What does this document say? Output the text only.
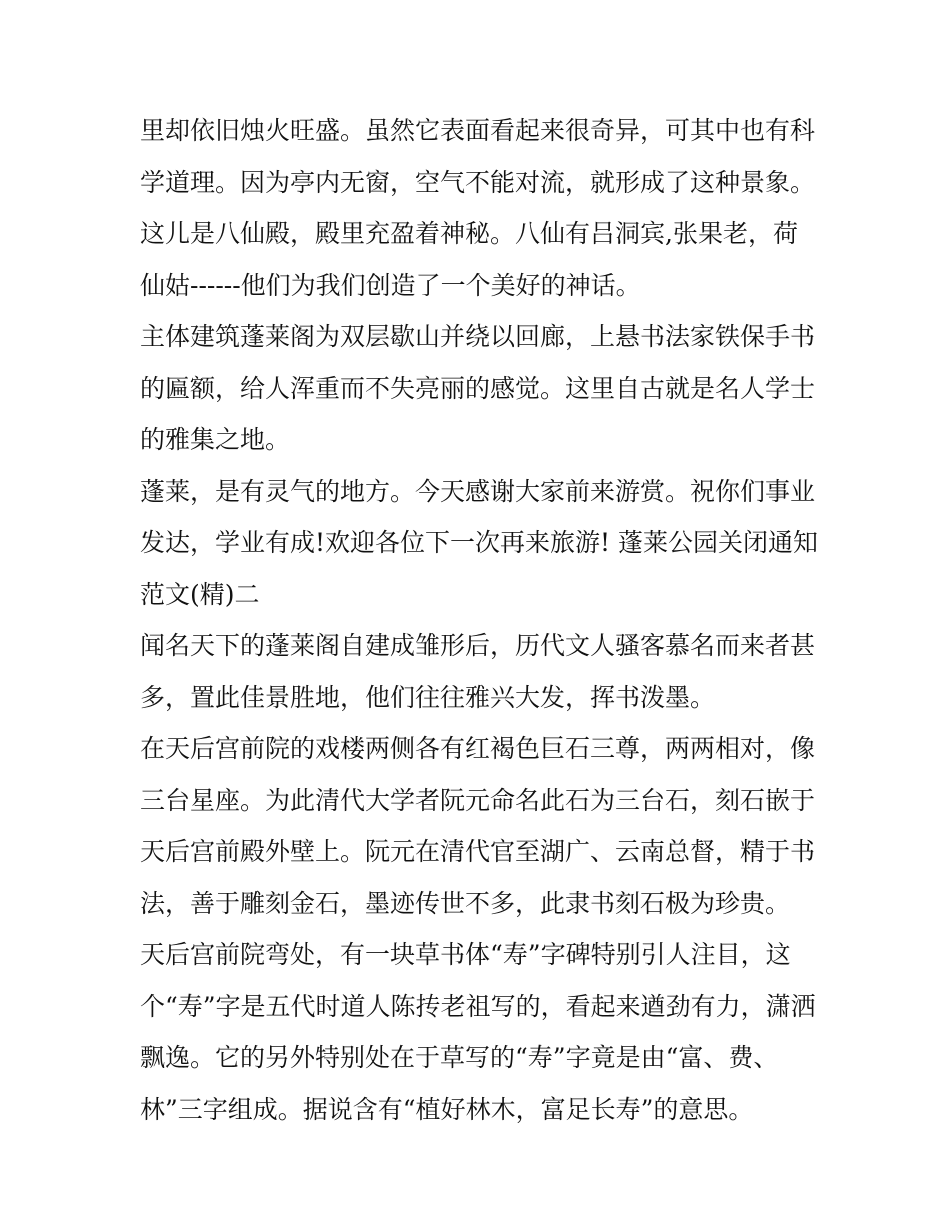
里却依旧烛火旺盛。虽然它表面看起来很奇异，可其中也有科
学道理。因为亭内无窗，空气不能对流，就形成了这种景象。
这儿是八仙殿，殿里充盈着神秘。八仙有吕洞宾,张果老，荷
仙姑------他们为我们创造了一个美好的神话。
主体建筑蓬莱阁为双层歇山并绕以回廊，上悬书法家铁保手书
的匾额，给人浑重而不失亮丽的感觉。这里自古就是名人学士
的雅集之地。
蓬莱，是有灵气的地方。今天感谢大家前来游赏。祝你们事业
发达，学业有成!欢迎各位下一次再来旅游! 蓬莱公园关闭通知
范文(精)二
闻名天下的蓬莱阁自建成雏形后，历代文人骚客慕名而来者甚
多，置此佳景胜地，他们往往雅兴大发，挥书泼墨。
在天后宫前院的戏楼两侧各有红褐色巨石三尊，两两相对，像
三台星座。为此清代大学者阮元命名此石为三台石，刻石嵌于
天后宫前殿外壁上。阮元在清代官至湖广、云南总督，精于书
法，善于雕刻金石，墨迹传世不多，此隶书刻石极为珍贵。
天后宫前院弯处，有一块草书体“寿”字碑特别引人注目，这
个“寿”字是五代时道人陈抟老祖写的，看起来遒劲有力，潇洒
飘逸。它的另外特别处在于草写的“寿”字竟是由“富、费、
林”三字组成。据说含有“植好林木，富足长寿”的意思。
